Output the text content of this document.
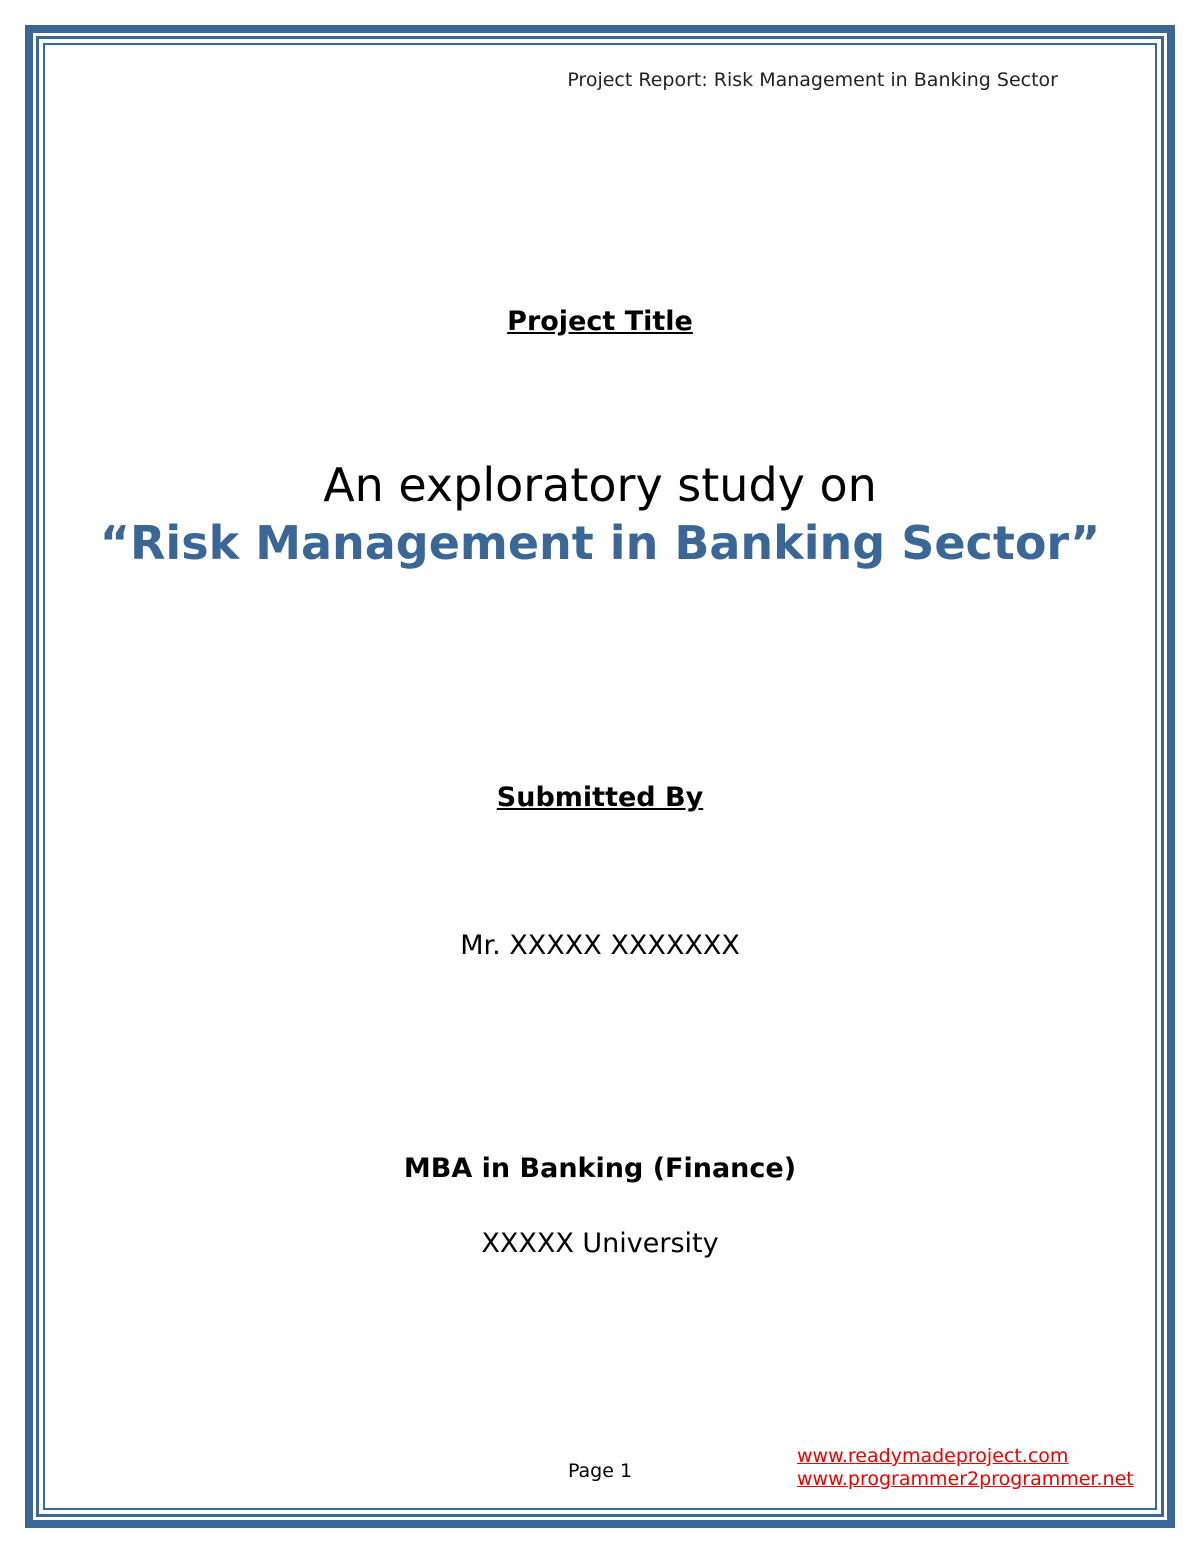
Project Report: Risk Management in Banking Sector
Project Title
An exploratory study on
“Risk Management in Banking Sector”
Submitted By
Mr. XXXXX XXXXXXX
MBA in Banking (Finance)
XXXXX University
Page 1
www.readymadeproject.com
www.programmer2programmer.net
